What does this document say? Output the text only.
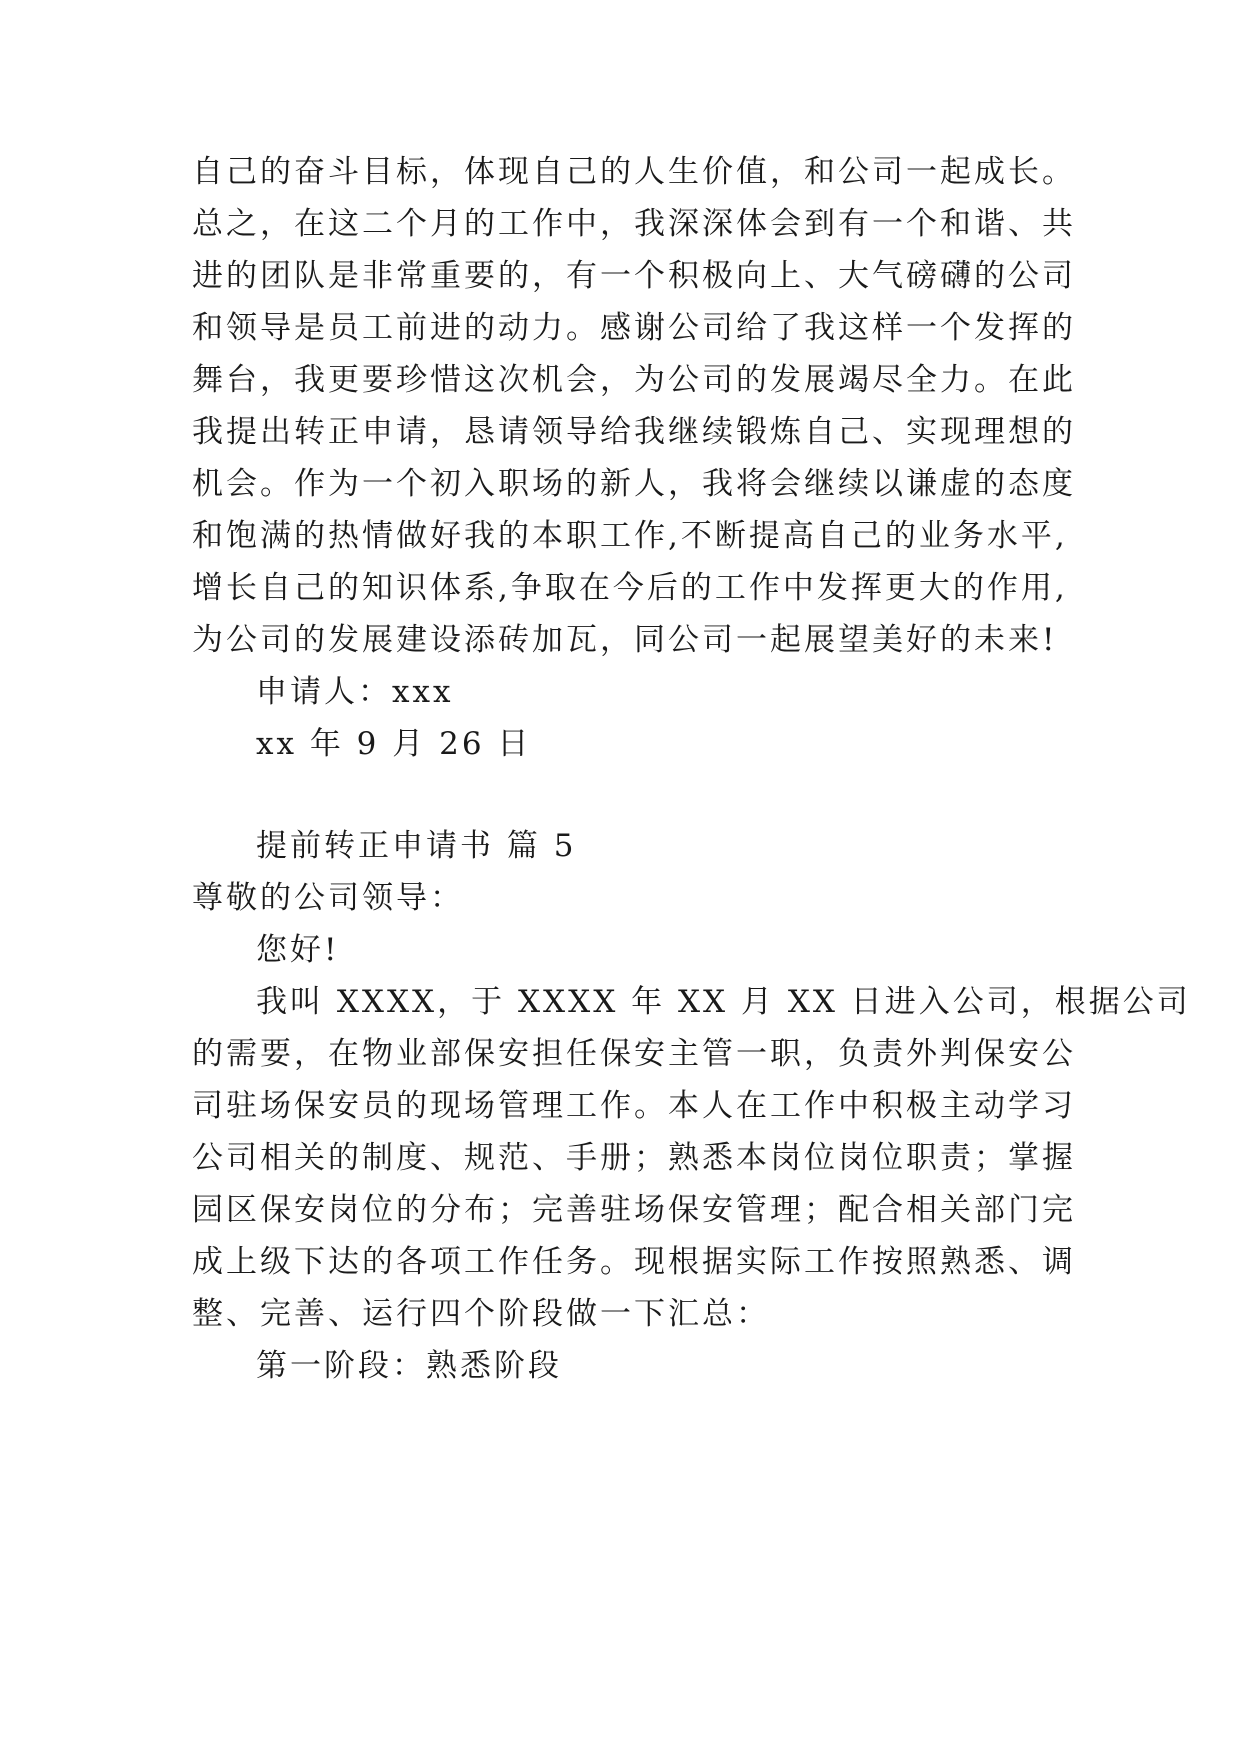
自己的奋斗目标，体现自己的人生价值，和公司一起成长。
总之，在这二个月的工作中，我深深体会到有一个和谐、共
进的团队是非常重要的，有一个积极向上、大气磅礴的公司
和领导是员工前进的动力。感谢公司给了我这样一个发挥的
舞台，我更要珍惜这次机会，为公司的发展竭尽全力。在此
我提出转正申请，恳请领导给我继续锻炼自己、实现理想的
机会。作为一个初入职场的新人，我将会继续以谦虚的态度
和饱满的热情做好我的本职工作,不断提高自己的业务水平,
增长自己的知识体系,争取在今后的工作中发挥更大的作用,
为公司的发展建设添砖加瓦，同公司一起展望美好的未来!
申请人：xxx
xx 年 9 月 26 日
提前转正申请书 篇 5
尊敬的公司领导：
您好!
我叫 XXXX，于 XXXX 年 XX 月 XX 日进入公司，根据公司
的需要，在物业部保安担任保安主管一职，负责外判保安公
司驻场保安员的现场管理工作。本人在工作中积极主动学习
公司相关的制度、规范、手册；熟悉本岗位岗位职责；掌握
园区保安岗位的分布；完善驻场保安管理；配合相关部门完
成上级下达的各项工作任务。现根据实际工作按照熟悉、调
整、完善、运行四个阶段做一下汇总：
第一阶段：熟悉阶段
